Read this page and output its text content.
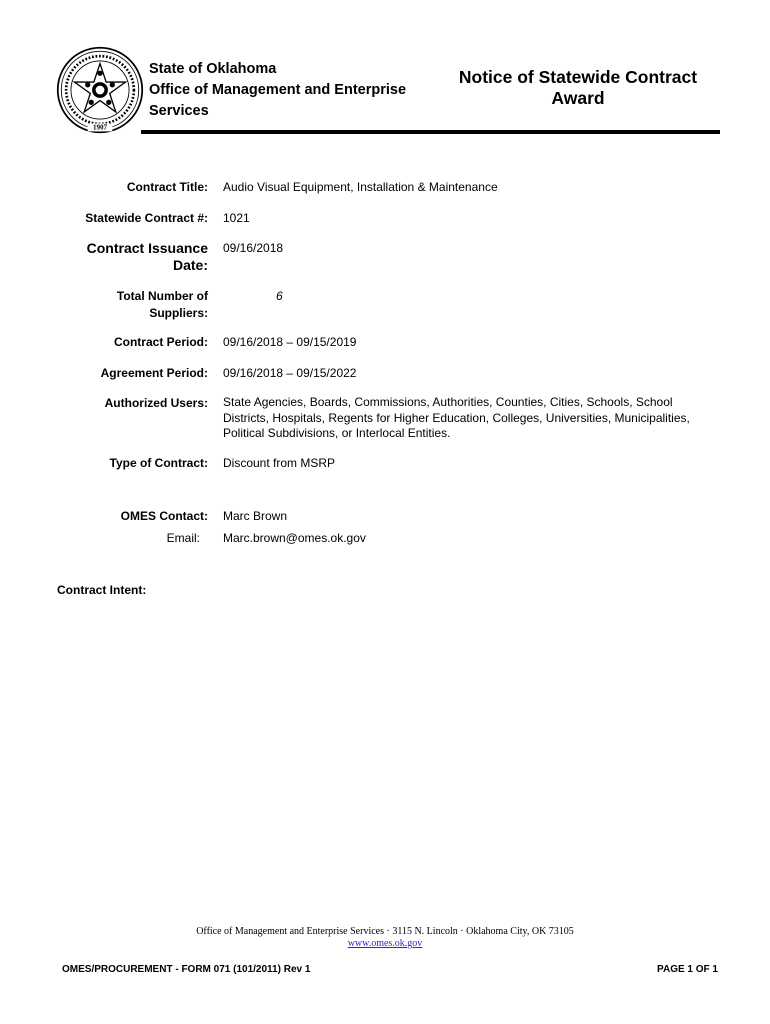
1907
State of Oklahoma
Office of Management and Enterprise
Services
Notice of Statewide Contract
Award
Contract Title: Audio Visual Equipment, Installation & Maintenance
Statewide Contract #: 1021
Contract Issuance
Date:
09/16/2018
Total Number of
Suppliers:
6
Contract Period: 09/16/2018 – 09/15/2019
Agreement Period: 09/16/2018 – 09/15/2022
Authorized Users: State Agencies, Boards, Commissions, Authorities, Counties, Cities, Schools, School
Districts, Hospitals, Regents for Higher Education, Colleges, Universities, Municipalities,
Political Subdivisions, or Interlocal Entities.
Type of Contract: Discount from MSRP
OMES Contact: Marc Brown
Email: Marc.brown@omes.ok.gov
Contract Intent:
Office of Management and Enterprise Services · 3115 N. Lincoln · Oklahoma City, OK 73105
www.omes.ok.gov
OMES/PROCUREMENT - FORM 071 (101/2011) Rev 1	PAGE 1 OF 1
